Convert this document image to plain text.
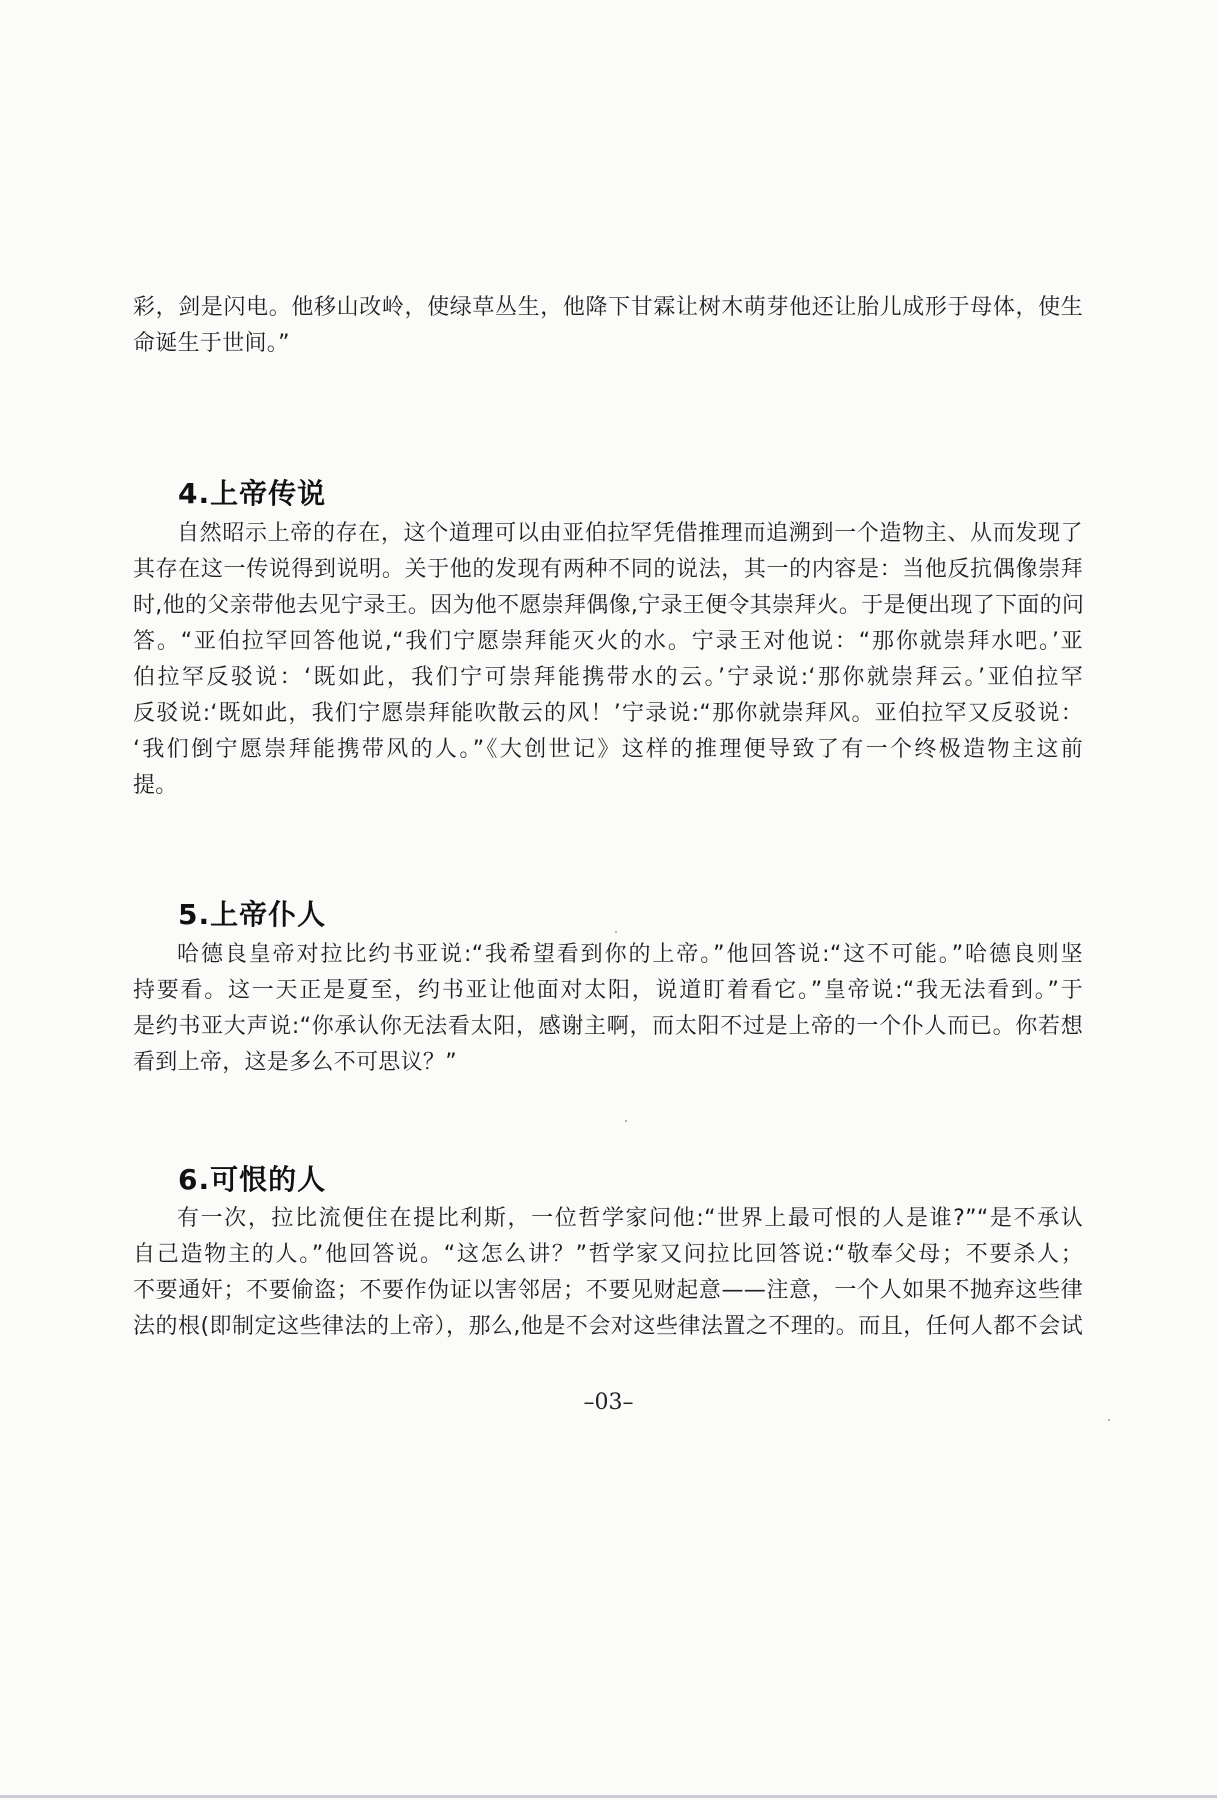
彩，剑是闪电。他移山改岭，使绿草丛生，他降下甘霖让树木萌芽他还让胎儿成形于母体，使生
命诞生于世间。”
4.上帝传说
自然昭示上帝的存在，这个道理可以由亚伯拉罕凭借推理而追溯到一个造物主、从而发现了
其存在这一传说得到说明。关于他的发现有两种不同的说法，其一的内容是：当他反抗偶像崇拜
时,他的父亲带他去见宁录王。因为他不愿崇拜偶像,宁录王便令其崇拜火。于是便出现了下面的问
答。“亚伯拉罕回答他说,“我们宁愿崇拜能灭火的水。宁录王对他说：“那你就崇拜水吧。’亚
伯拉罕反驳说：‘既如此，我们宁可崇拜能携带水的云。’宁录说:‘那你就崇拜云。’亚伯拉罕
反驳说:‘既如此，我们宁愿崇拜能吹散云的风！’宁录说:“那你就崇拜风。亚伯拉罕又反驳说：
‘我们倒宁愿崇拜能携带风的人。”《大创世记》这样的推理便导致了有一个终极造物主这前
提。
5.上帝仆人
哈德良皇帝对拉比约书亚说:“我希望看到你的上帝。”他回答说:“这不可能。”哈德良则坚
持要看。这一天正是夏至，约书亚让他面对太阳，说道盯着看它。”皇帝说:“我无法看到。”于
是约书亚大声说:“你承认你无法看太阳，感谢主啊，而太阳不过是上帝的一个仆人而已。你若想
看到上帝，这是多么不可思议？”
6.可恨的人
有一次，拉比流便住在提比利斯，一位哲学家问他:“世界上最可恨的人是谁?”“是不承认
自己造物主的人。”他回答说。“这怎么讲？”哲学家又问拉比回答说:“敬奉父母；不要杀人；
不要通奸；不要偷盗；不要作伪证以害邻居；不要见财起意——注意，一个人如果不抛弃这些律
法的根(即制定这些律法的上帝），那么,他是不会对这些律法置之不理的。而且，任何人都不会试
–03–
